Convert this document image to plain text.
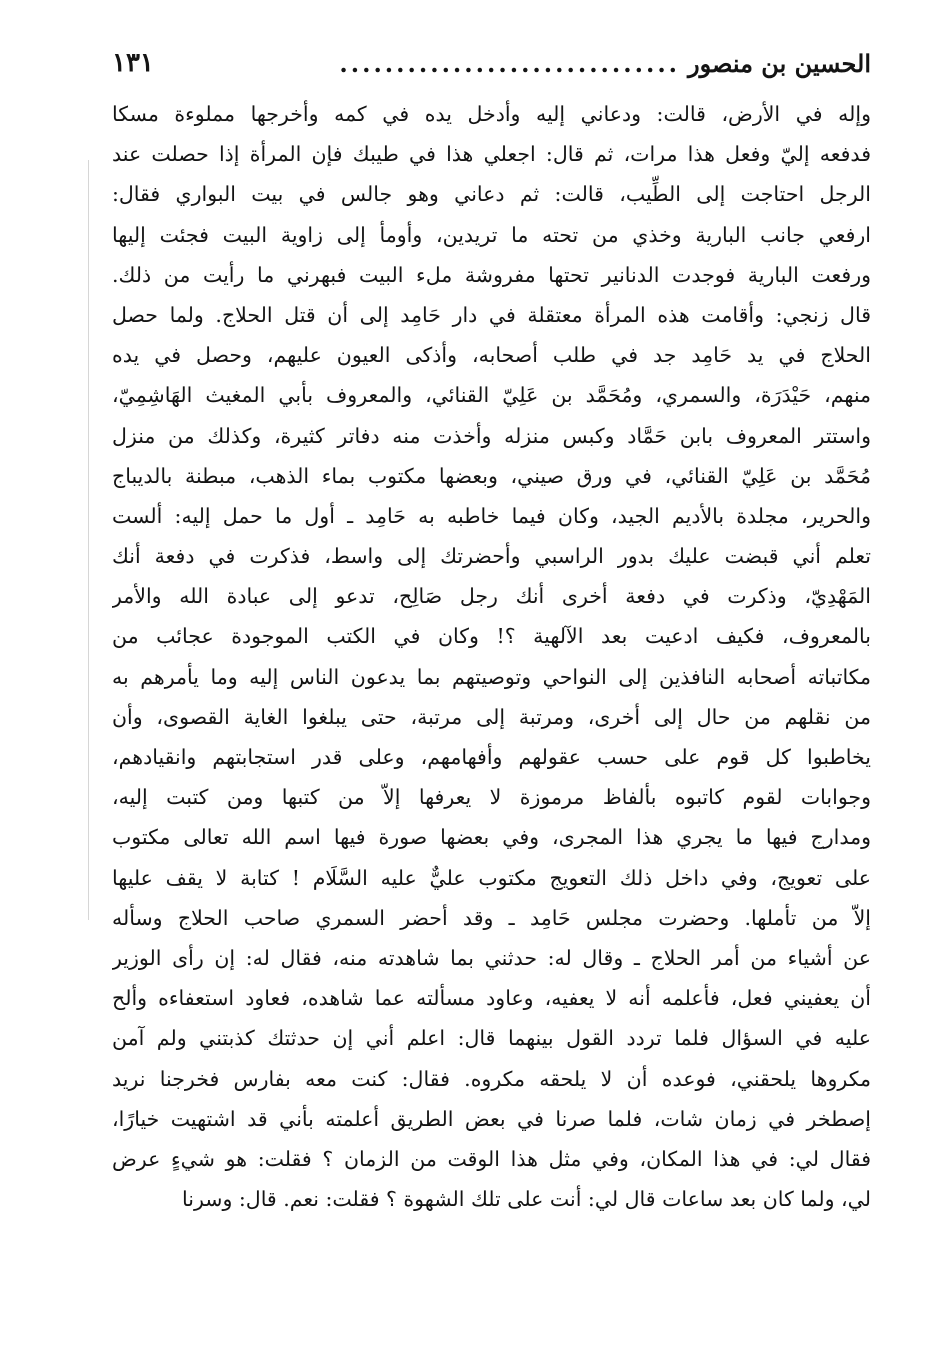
الحسين بن منصور
..............................
١٣١
وإله في الأرض، قالت: ودعاني إليه وأدخل يده في كمه وأخرجها مملوءة مسكا
فدفعه إليّ وفعل هذا مرات، ثم قال: اجعلي هذا في طيبك فإن المرأة إذا حصلت عند
الرجل احتاجت إلى الطِّيب، قالت: ثم دعاني وهو جالس في بيت البواري فقال:
ارفعي جانب البارية وخذي من تحته ما تريدين، وأومأ إلى زاوية البيت فجئت إليها
ورفعت البارية فوجدت الدنانير تحتها مفروشة ملء البيت فبهرني ما رأيت من ذلك.
قال زنجي: وأقامت هذه المرأة معتقلة في دار حَامِد إلى أن قتل الحلاج. ولما حصل
الحلاج في يد حَامِد جد في طلب أصحابه، وأذكى العيون عليهم، وحصل في يده
منهم، حَيْدَرَة، والسمري، ومُحَمَّد بن عَلِيّ القنائي، والمعروف بأبي المغيث الهَاشِمِيّ،
واستتر المعروف بابن حَمَّاد وكبس منزله وأخذت منه دفاتر كثيرة، وكذلك من منزل
مُحَمَّد بن عَلِيّ القنائي، في ورق صيني، وبعضها مكتوب بماء الذهب، مبطنة بالديباج
والحرير، مجلدة بالأديم الجيد، وكان فيما خاطبه به حَامِد ـ أول ما حمل إليه: ألست
تعلم أني قبضت عليك بدور الراسبي وأحضرتك إلى واسط، فذكرت في دفعة أنك
المَهْدِيّ، وذكرت في دفعة أخرى أنك رجل صَالِح، تدعو إلى عبادة الله والأمر
بالمعروف، فكيف ادعيت بعد الآلهية ؟! وكان في الكتب الموجودة عجائب من
مكاتباته أصحابه النافذين إلى النواحي وتوصيتهم بما يدعون الناس إليه وما يأمرهم به
من نقلهم من حال إلى أخرى، ومرتبة إلى مرتبة، حتى يبلغوا الغاية القصوى، وأن
يخاطبوا كل قوم على حسب عقولهم وأفهامهم، وعلى قدر استجابتهم وانقيادهم،
وجوابات لقوم كاتبوه بألفاظ مرموزة لا يعرفها إلاّ من كتبها ومن كتبت إليه،
ومدارج فيها ما يجري هذا المجرى، وفي بعضها صورة فيها اسم الله تعالى مكتوب
على تعويج، وفي داخل ذلك التعويج مكتوب عليٌّ عليه السَّلَام ! كتابة لا يقف عليها
إلاّ من تأملها. وحضرت مجلس حَامِد ـ وقد أحضر السمري صاحب الحلاج وسأله
عن أشياء من أمر الحلاج ـ وقال له: حدثني بما شاهدته منه، فقال له: إن رأى الوزير
أن يعفيني فعل، فأعلمه أنه لا يعفيه، وعاود مسألته عما شاهده، فعاود استعفاءه وألح
عليه في السؤال فلما تردد القول بينهما قال: اعلم أني إن حدثتك كذبتني ولم آمن
مكروها يلحقني، فوعده أن لا يلحقه مكروه. فقال: كنت معه بفارس فخرجنا نريد
إصطخر في زمان شات، فلما صرنا في بعض الطريق أعلمته بأني قد اشتهيت خيارًا،
فقال لي: في هذا المكان، وفي مثل هذا الوقت من الزمان ؟ فقلت: هو شيءٍ عرض
لي، ولما كان بعد ساعات قال لي: أنت على تلك الشهوة ؟ فقلت: نعم. قال: وسرنا
